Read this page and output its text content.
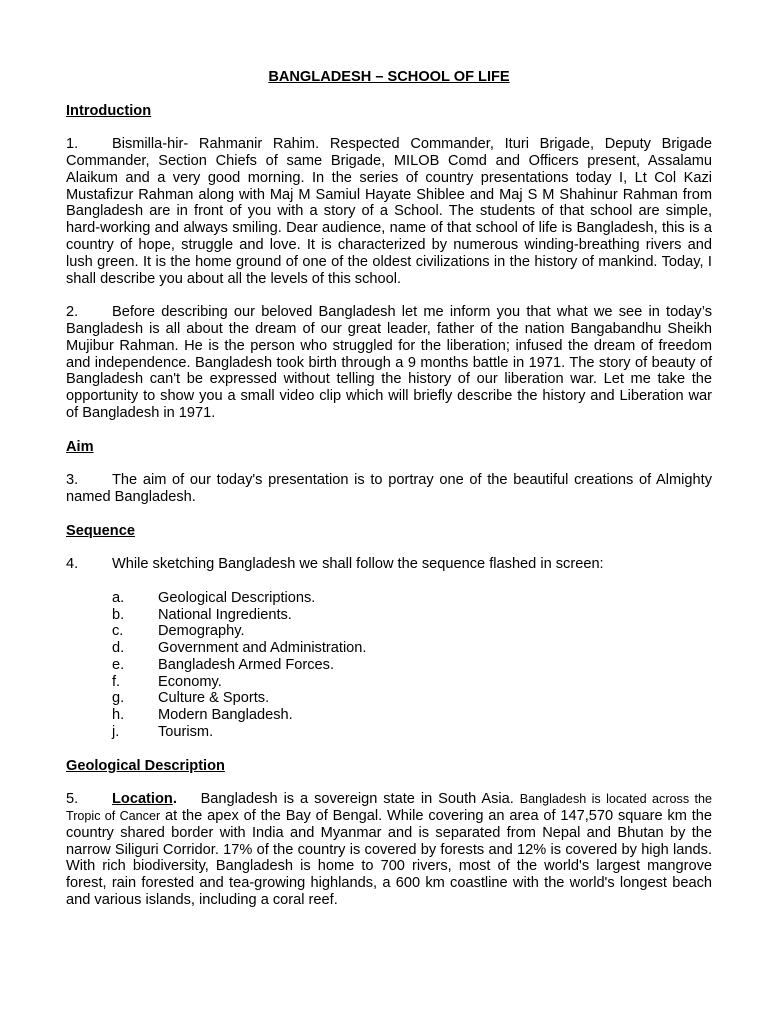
BANGLADESH – SCHOOL OF LIFE

Introduction

1. Bismilla-hir- Rahmanir Rahim. Respected Commander, Ituri Brigade, Deputy Brigade Commander, Section Chiefs of same Brigade, MILOB Comd and Officers present, Assalamu Alaikum and a very good morning. In the series of country presentations today I, Lt Col Kazi Mustafizur Rahman along with Maj M Samiul Hayate Shiblee and Maj S M Shahinur Rahman from Bangladesh are in front of you with a story of a School. The students of that school are simple, hard-working and always smiling. Dear audience, name of that school of life is Bangladesh, this is a country of hope, struggle and love. It is characterized by numerous winding-breathing rivers and lush green. It is the home ground of one of the oldest civilizations in the history of mankind. Today, I shall describe you about all the levels of this school.

2. Before describing our beloved Bangladesh let me inform you that what we see in today’s Bangladesh is all about the dream of our great leader, father of the nation Bangabandhu Sheikh Mujibur Rahman. He is the person who struggled for the liberation; infused the dream of freedom and independence. Bangladesh took birth through a 9 months battle in 1971. The story of beauty of Bangladesh can't be expressed without telling the history of our liberation war. Let me take the opportunity to show you a small video clip which will briefly describe the history and Liberation war of Bangladesh in 1971.

Aim

3. The aim of our today's presentation is to portray one of the beautiful creations of Almighty named Bangladesh.

Sequence

4. While sketching Bangladesh we shall follow the sequence flashed in screen:

a.	Geological Descriptions.
b.	National Ingredients.
c.	Demography.
d.	Government and Administration.
e.	Bangladesh Armed Forces.
f.	Economy.
g.	Culture & Sports.
h.	Modern Bangladesh.
j.	Tourism.

Geological Description

5. Location. Bangladesh is a sovereign state in South Asia. Bangladesh is located across the Tropic of Cancer at the apex of the Bay of Bengal. While covering an area of 147,570 square km the country shared border with India and Myanmar and is separated from Nepal and Bhutan by the narrow Siliguri Corridor. 17% of the country is covered by forests and 12% is covered by high lands. With rich biodiversity, Bangladesh is home to 700 rivers, most of the world's largest mangrove forest, rain forested and tea-growing highlands, a 600 km coastline with the world's longest beach and various islands, including a coral reef.
